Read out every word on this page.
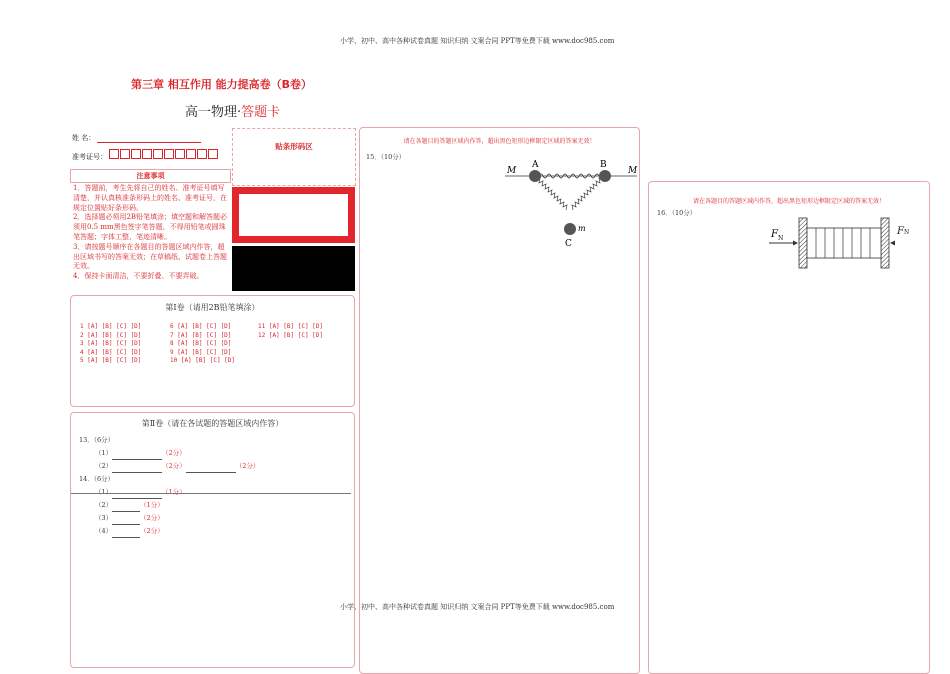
小学、初中、高中各种试卷真题 知识归纳 文案合同 PPT等免费下载 www.doc985.com
小学、初中、高中各种试卷真题 知识归纳 文案合同 PPT等免费下载 www.doc985.com
第三章 相互作用 能力提高卷（B卷）
高一物理·答题卡
姓 名：
准考证号：
贴条形码区
注意事项
1．答题前，考生先将自己的姓名、准考证号填写清楚，并认真核准条形码上的姓名、准考证号，在规定位置贴好条形码。
2．选择题必须用2B铅笔填涂；填空题和解答题必须用0.5 mm黑色签字笔答题，不得用铅笔或圆珠笔答题；字体工整、笔迹清晰。
3．请按题号顺序在各题目的答题区域内作答，超出区域书写的答案无效；在草稿纸、试题卷上答题无效。
4．保持卡面清洁，不要折叠、不要弄破。
第Ⅰ卷（请用2B铅笔填涂）
1 [A] [B] [C] [D]
2 [A] [B] [C] [D]
3 [A] [B] [C] [D]
4 [A] [B] [C] [D]
5 [A] [B] [C] [D]
6 [A] [B] [C] [D]
7 [A] [B] [C] [D]
8 [A] [B] [C] [D]
9 [A] [B] [C] [D]
10 [A] [B] [C] [D]
11 [A] [B] [C] [D]
12 [A] [B] [C] [D]
第Ⅱ卷（请在各试题的答题区域内作答）
13．（6分）
（1）	（2分）
（2）	（2分）	（2分）
14．（6分）
（1）	（1分）
（2）	（1分）
（3）	（2分）
（4）	（2分）
请在各题目的答题区域内作答，超出黑色矩形边框限定区域的答案无效！
15．（10分）
M	M
A	B
C
m
请在各题目的答题区域内作答，超出黑色矩形边框限定区域的答案无效！
16．（10分）
F N
FN
